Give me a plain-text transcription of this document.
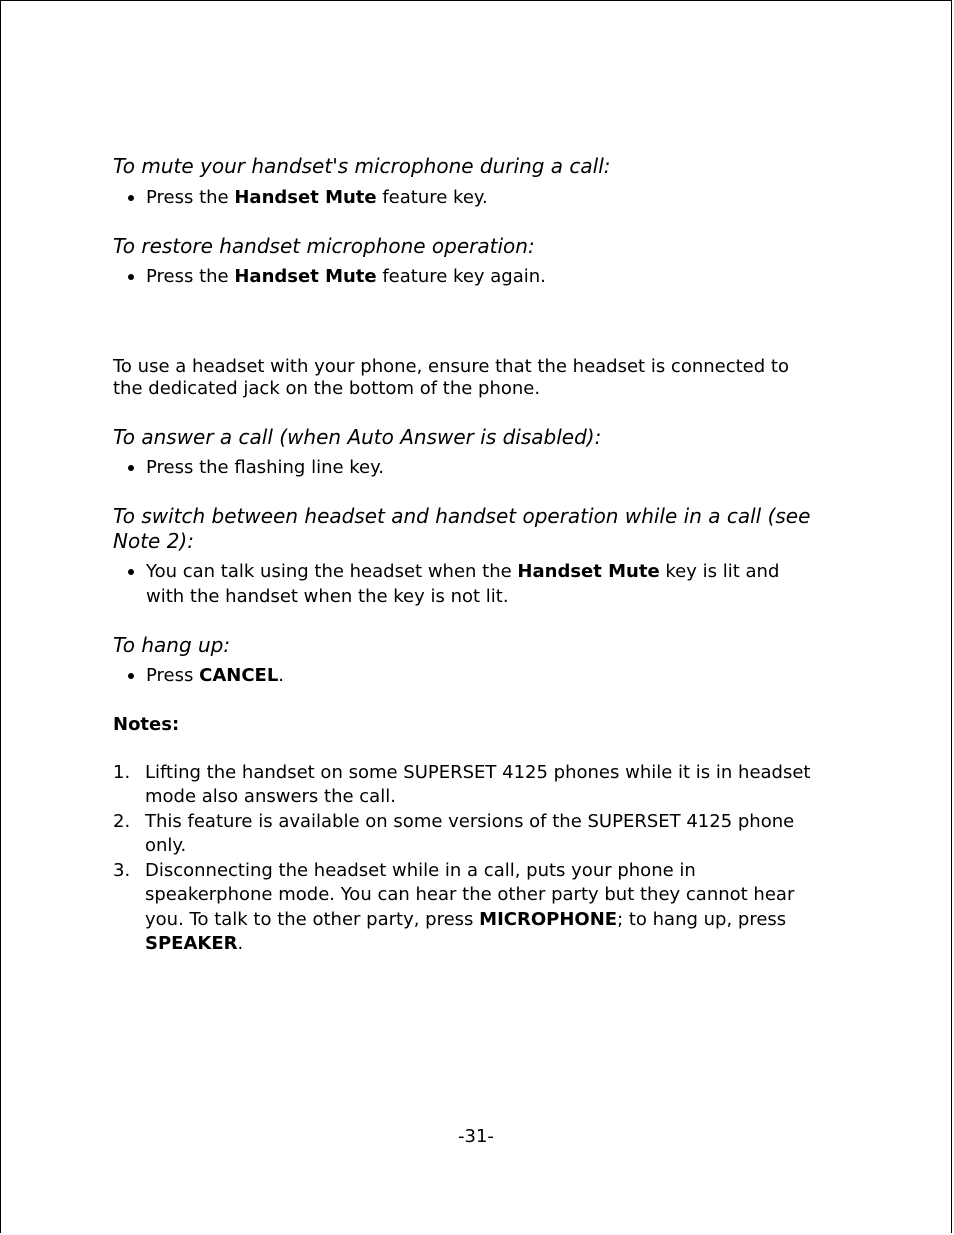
To mute your handset's microphone during a call:
Press the Handset Mute feature key.
To restore handset microphone operation:
Press the Handset Mute feature key again.
To use a headset with your phone, ensure that the headset is connected to
the dedicated jack on the bottom of the phone.
To answer a call (when Auto Answer is disabled):
Press the flashing line key.
To switch between headset and handset operation while in a call (see
Note 2):
You can talk using the headset when the Handset Mute key is lit and
with the handset when the key is not lit.
To hang up:
Press CANCEL.
Notes:
1. Lifting the handset on some SUPERSET 4125 phones while it is in headset
mode also answers the call.
2. This feature is available on some versions of the SUPERSET 4125 phone
only.
3. Disconnecting the headset while in a call, puts your phone in
speakerphone mode. You can hear the other party but they cannot hear
you. To talk to the other party, press MICROPHONE; to hang up, press
SPEAKER.
-31-
